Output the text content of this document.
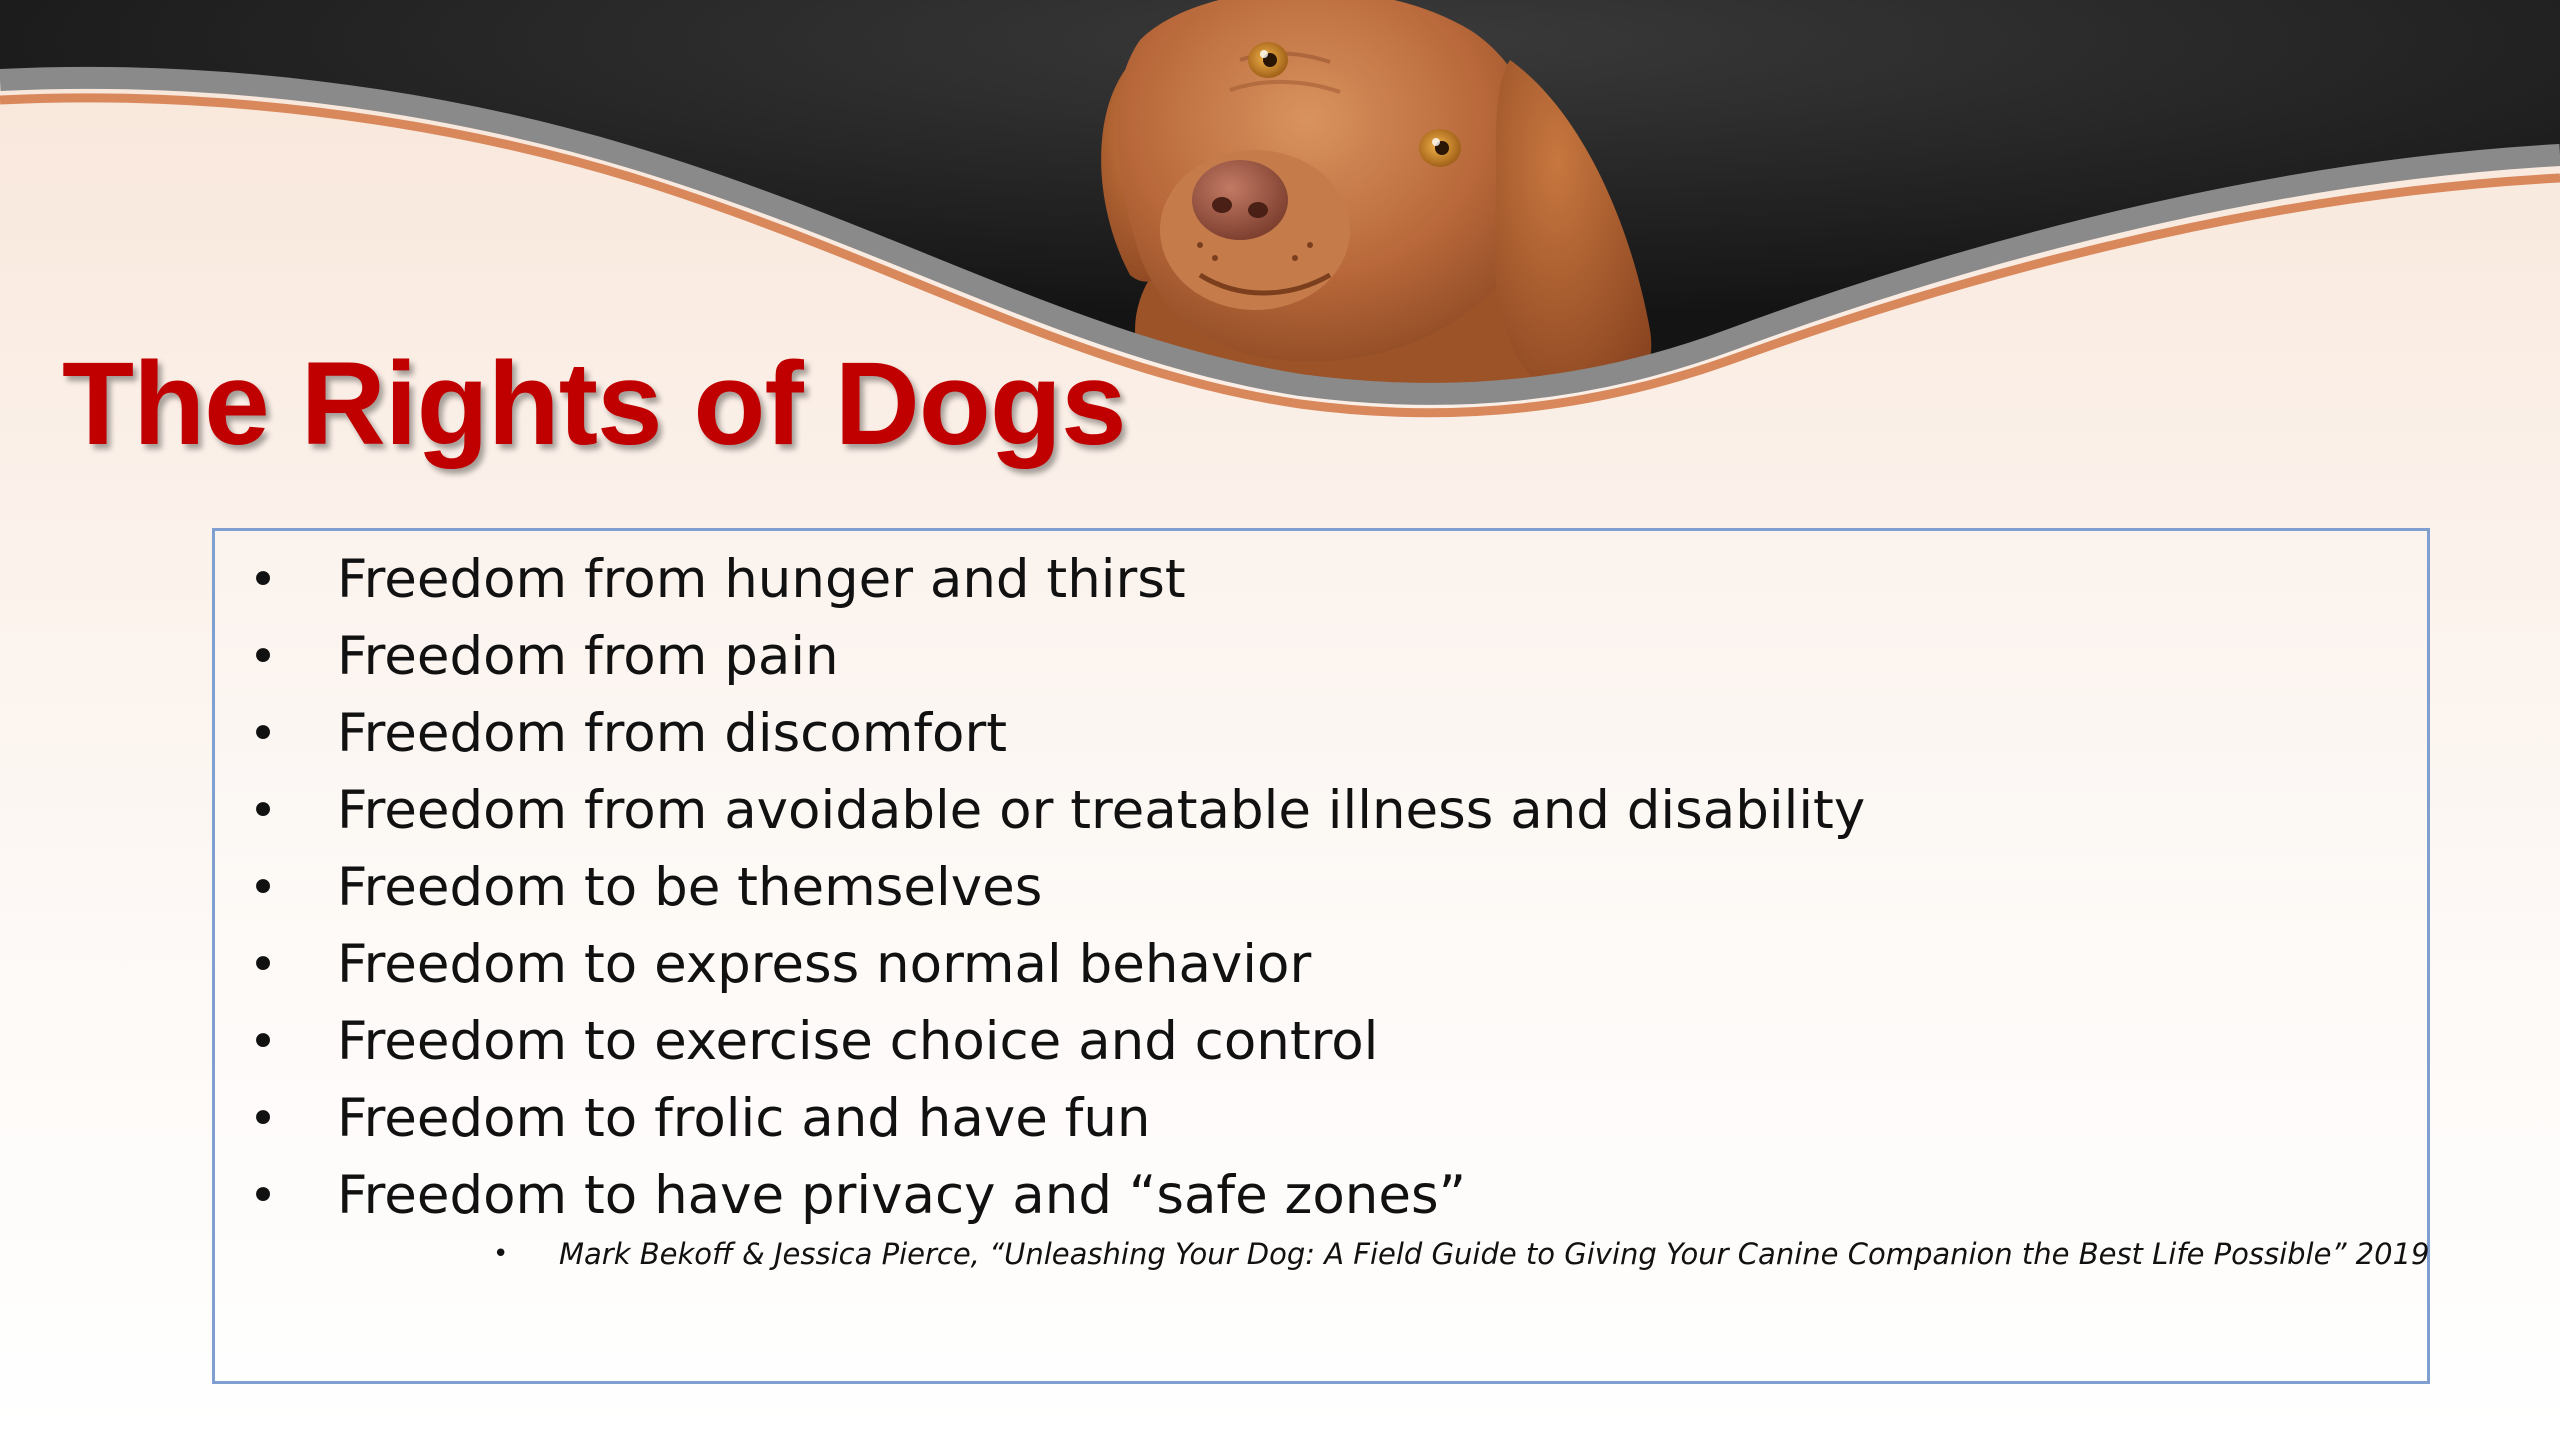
The Rights of Dogs
• Freedom from hunger and thirst
• Freedom from pain
• Freedom from discomfort
• Freedom from avoidable or treatable illness and disability
• Freedom to be themselves
• Freedom to express normal behavior
• Freedom to exercise choice and control
• Freedom to frolic and have fun
• Freedom to have privacy and “safe zones”
• Mark Bekoff & Jessica Pierce, “Unleashing Your Dog: A Field Guide to Giving Your Canine Companion the Best Life Possible” 2019
